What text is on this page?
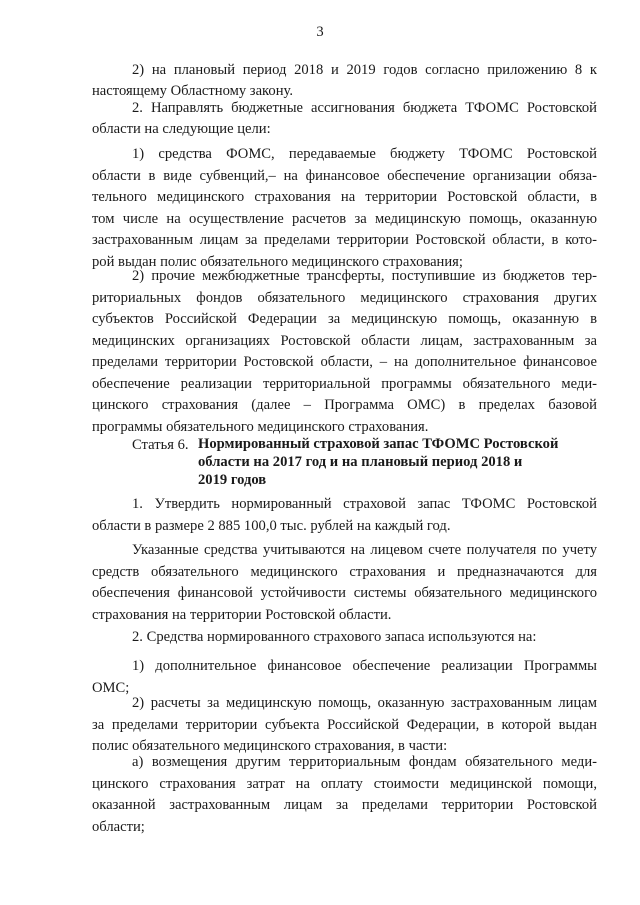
3
2) на плановый период 2018 и 2019 годов согласно приложению 8 к
настоящему Областному закону.
2. Направлять бюджетные ассигнования бюджета ТФОМС Ростовской
области на следующие цели:
1) средства ФОМС, передаваемые бюджету ТФОМС Ростовской
области в виде субвенций,– на финансовое обеспечение организации обяза-
тельного медицинского страхования на территории Ростовской области, в
том числе на осуществление расчетов за медицинскую помощь, оказанную
застрахованным лицам за пределами территории Ростовской области, в кото-
рой выдан полис обязательного медицинского страхования;
Статья 6. Нормированный страховой запас ТФОМС Ростовской
области на 2017 год и на плановый период 2018 и
2019 годов
1. Утвердить нормированный страховой запас ТФОМС Ростовской
области в размере 2 885 100,0 тыс. рублей на каждый год.
Указанные средства учитываются на лицевом счете получателя по учету
средств обязательного медицинского страхования и предназначаются для
обеспечения финансовой устойчивости системы обязательного медицинского
страхования на территории Ростовской области.
2. Средства нормированного страхового запаса используются на:
1) дополнительное финансовое обеспечение реализации Программы
ОМС;
2) расчеты за медицинскую помощь, оказанную застрахованным лицам
за пределами территории субъекта Российской Федерации, в которой выдан
полис обязательного медицинского страхования, в части:
2) прочие межбюджетные трансферты, поступившие из бюджетов тер-
риториальных фондов обязательного медицинского страхования других
субъектов Российской Федерации за медицинскую помощь, оказанную в
медицинских организациях Ростовской области лицам, застрахованным за
пределами территории Ростовской области, – на дополнительное финансовое
обеспечение реализации территориальной программы обязательного меди-
цинского страхования (далее – Программа ОМС) в пределах базовой
программы обязательного медицинского страхования.
а) возмещения другим территориальным фондам обязательного меди-
цинского страхования затрат на оплату стоимости медицинской помощи,
оказанной застрахованным лицам за пределами территории Ростовской
области;
